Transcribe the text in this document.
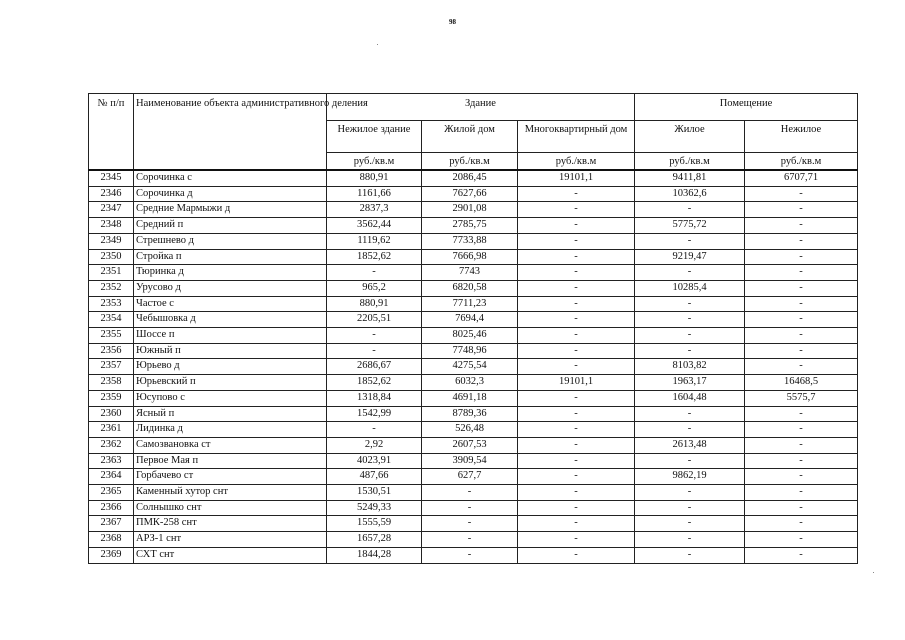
98
№ п/п	Наименование объекта административного деления	Здание			Помещение	
		Нежилое здание	Жилой дом	Многоквартирный дом	Жилое	Нежилое
		руб./кв.м	руб./кв.м	руб./кв.м	руб./кв.м	руб./кв.м
2345	Сорочинка с	880,91	2086,45	19101,1	9411,81	6707,71
2346	Сорочинка д	1161,66	7627,66	-	10362,6	-
2347	Средние Мармыжи д	2837,3	2901,08	-	-	-
2348	Средний п	3562,44	2785,75	-	5775,72	-
2349	Стрешнево д	1119,62	7733,88	-	-	-
2350	Стройка п	1852,62	7666,98	-	9219,47	-
2351	Тюринка д	-	7743	-	-	-
2352	Урусово д	965,2	6820,58	-	10285,4	-
2353	Частое с	880,91	7711,23	-	-	-
2354	Чебышовка д	2205,51	7694,4	-	-	-
2355	Шоссе п	-	8025,46	-	-	-
2356	Южный п	-	7748,96	-	-	-
2357	Юрьево д	2686,67	4275,54	-	8103,82	-
2358	Юрьевский п	1852,62	6032,3	19101,1	1963,17	16468,5
2359	Юсупово с	1318,84	4691,18	-	1604,48	5575,7
2360	Ясный п	1542,99	8789,36	-	-	-
2361	Лидинка д	-	526,48	-	-	-
2362	Самозвановка ст	2,92	2607,53	-	2613,48	-
2363	Первое Мая п	4023,91	3909,54	-	-	-
2364	Горбачево ст	487,66	627,7	-	9862,19	-
2365	Каменный хутор снт	1530,51	-	-	-	-
2366	Солнышко снт	5249,33	-	-	-	-
2367	ПМК-258 снт	1555,59	-	-	-	-
2368	АРЗ-1 снт	1657,28	-	-	-	-
2369	СХТ снт	1844,28	-	-	-	-
